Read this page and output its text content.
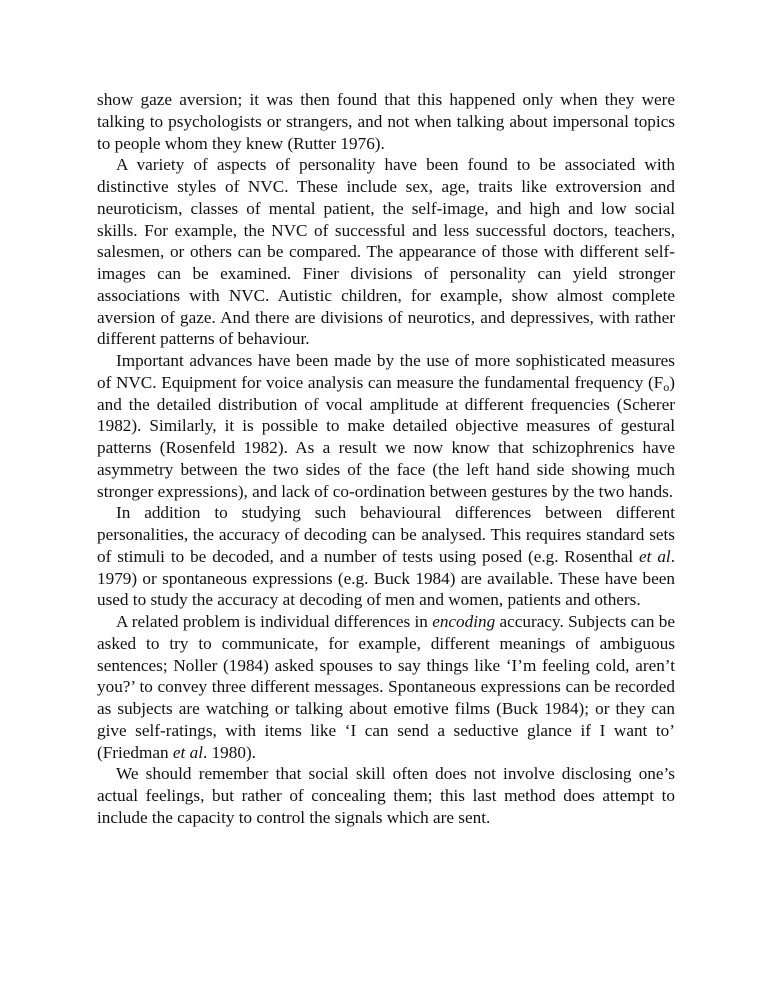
show gaze aversion; it was then found that this happened only when they were talking to psychologists or strangers, and not when talking about impersonal topics to people whom they knew (Rutter 1976).

A variety of aspects of personality have been found to be associated with distinctive styles of NVC. These include sex, age, traits like extroversion and neuroticism, classes of mental patient, the self-image, and high and low social skills. For example, the NVC of successful and less successful doctors, teachers, salesmen, or others can be compared. The appearance of those with different self-images can be examined. Finer divisions of personality can yield stronger associations with NVC. Autistic children, for example, show almost complete aversion of gaze. And there are divisions of neurotics, and depressives, with rather different patterns of behaviour.

Important advances have been made by the use of more sophisticated measures of NVC. Equipment for voice analysis can measure the fundamental frequency $(F_o)$ and the detailed distribution of vocal amplitude at different frequencies (Scherer 1982). Similarly, it is possible to make detailed objective measures of gestural patterns (Rosenfeld 1982). As a result we now know that schizophrenics have asymmetry between the two sides of the face (the left hand side showing much stronger expressions), and lack of co-ordination between gestures by the two hands.

In addition to studying such behavioural differences between different personalities, the accuracy of decoding can be analysed. This requires standard sets of stimuli to be decoded, and a number of tests using posed (e.g. Rosenthal et al. 1979) or spontaneous expressions (e.g. Buck 1984) are available. These have been used to study the accuracy at decoding of men and women, patients and others.

A related problem is individual differences in encoding accuracy. Subjects can be asked to try to communicate, for example, different meanings of ambiguous sentences; Noller (1984) asked spouses to say things like ‘I’m feeling cold, aren’t you?’ to convey three different messages. Spontaneous expressions can be recorded as subjects are watching or talking about emotive films (Buck 1984); or they can give self-ratings, with items like ‘I can send a seductive glance if I want to’ (Friedman et al. 1980).

We should remember that social skill often does not involve disclosing one’s actual feelings, but rather of concealing them; this last method does attempt to include the capacity to control the signals which are sent.
